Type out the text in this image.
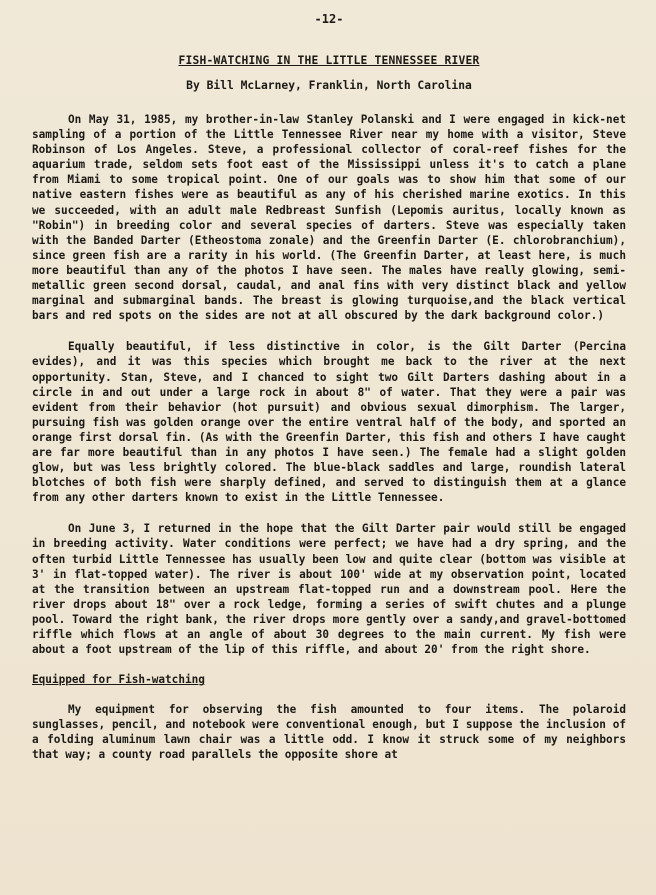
-12-
FISH-WATCHING IN THE LITTLE TENNESSEE RIVER
By Bill McLarney, Franklin, North Carolina

On May 31, 1985, my brother-in-law Stanley Polanski and I were engaged in kick-net sampling of a portion of the Little Tennessee River near my home with a visitor, Steve Robinson of Los Angeles. Steve, a professional collector of coral-reef fishes for the aquarium trade, seldom sets foot east of the Mississippi unless it's to catch a plane from Miami to some tropical point. One of our goals was to show him that some of our native eastern fishes were as beautiful as any of his cherished marine exotics. In this we succeeded, with an adult male Redbreast Sunfish (Lepomis auritus, locally known as "Robin") in breeding color and several species of darters. Steve was especially taken with the Banded Darter (Etheostoma zonale) and the Greenfin Darter (E. chlorobranchium), since green fish are a rarity in his world. (The Greenfin Darter, at least here, is much more beautiful than any of the photos I have seen. The males have really glowing, semi-metallic green second dorsal, caudal, and anal fins with very distinct black and yellow marginal and submarginal bands. The breast is glowing turquoise,and the black vertical bars and red spots on the sides are not at all obscured by the dark background color.)

Equally beautiful, if less distinctive in color, is the Gilt Darter (Percina evides), and it was this species which brought me back to the river at the next opportunity. Stan, Steve, and I chanced to sight two Gilt Darters dashing about in a circle in and out under a large rock in about 8" of water. That they were a pair was evident from their behavior (hot pursuit) and obvious sexual dimorphism. The larger, pursuing fish was golden orange over the entire ventral half of the body, and sported an orange first dorsal fin. (As with the Greenfin Darter, this fish and others I have caught are far more beautiful than in any photos I have seen.) The female had a slight golden glow, but was less brightly colored. The blue-black saddles and large, roundish lateral blotches of both fish were sharply defined, and served to distinguish them at a glance from any other darters known to exist in the Little Tennessee.

On June 3, I returned in the hope that the Gilt Darter pair would still be engaged in breeding activity. Water conditions were perfect; we have had a dry spring, and the often turbid Little Tennessee has usually been low and quite clear (bottom was visible at 3' in flat-topped water). The river is about 100' wide at my observation point, located at the transition between an upstream flat-topped run and a downstream pool. Here the river drops about 18" over a rock ledge, forming a series of swift chutes and a plunge pool. Toward the right bank, the river drops more gently over a sandy,and gravel-bottomed riffle which flows at an angle of about 30 degrees to the main current. My fish were about a foot upstream of the lip of this riffle, and about 20' from the right shore.

Equipped for Fish-watching

My equipment for observing the fish amounted to four items. The polaroid sunglasses, pencil, and notebook were conventional enough, but I suppose the inclusion of a folding aluminum lawn chair was a little odd. I know it struck some of my neighbors that way; a county road parallels the opposite shore at
